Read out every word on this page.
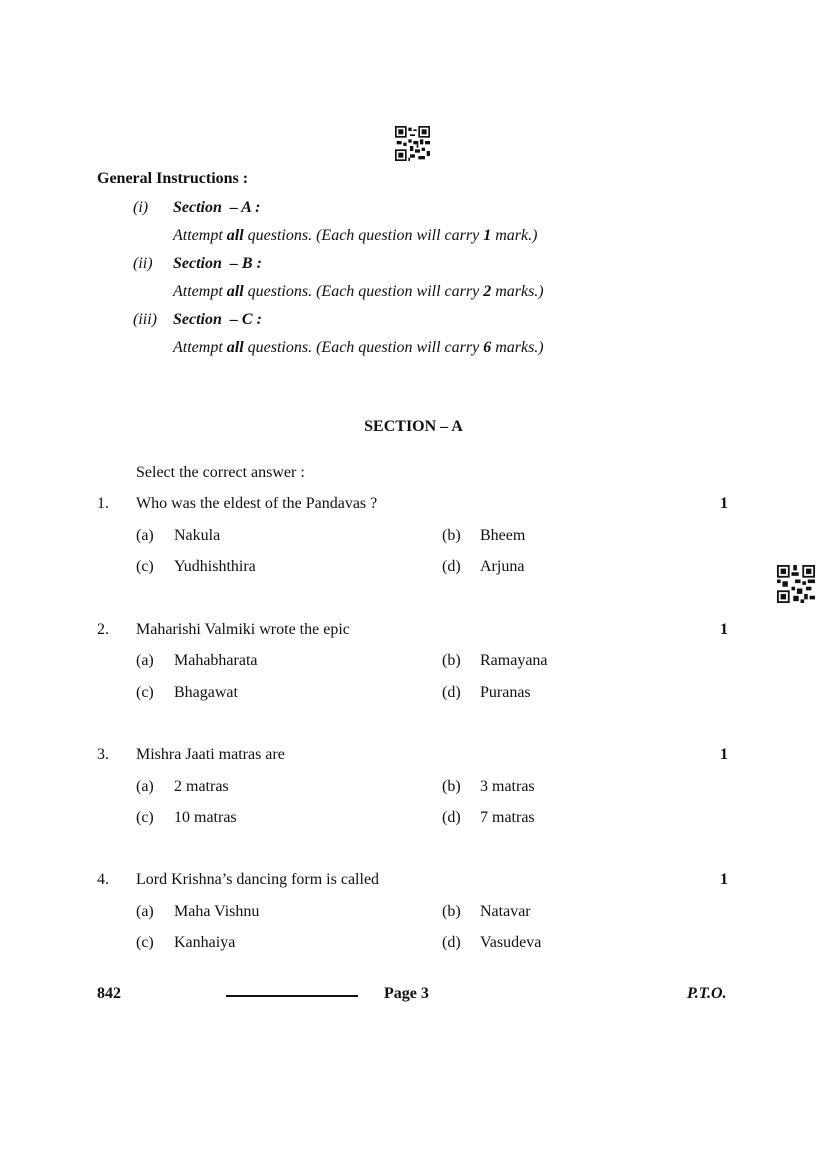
General Instructions :
(i) Section – A :
Attempt all questions. (Each question will carry 1 mark.)
(ii) Section – B :
Attempt all questions. (Each question will carry 2 marks.)
(iii) Section – C :
Attempt all questions. (Each question will carry 6 marks.)
SECTION – A
Select the correct answer :
1. Who was the eldest of the Pandavas ?	1
(a) Nakula	(b) Bheem
(c) Yudhishthira	(d) Arjuna
2. Maharishi Valmiki wrote the epic	1
(a) Mahabharata	(b) Ramayana
(c) Bhagawat	(d) Puranas
3. Mishra Jaati matras are	1
(a) 2 matras	(b) 3 matras
(c) 10 matras	(d) 7 matras
4. Lord Krishna’s dancing form is called	1
(a) Maha Vishnu	(b) Natavar
(c) Kanhaiya	(d) Vasudeva
842	Page 3	P.T.O.
